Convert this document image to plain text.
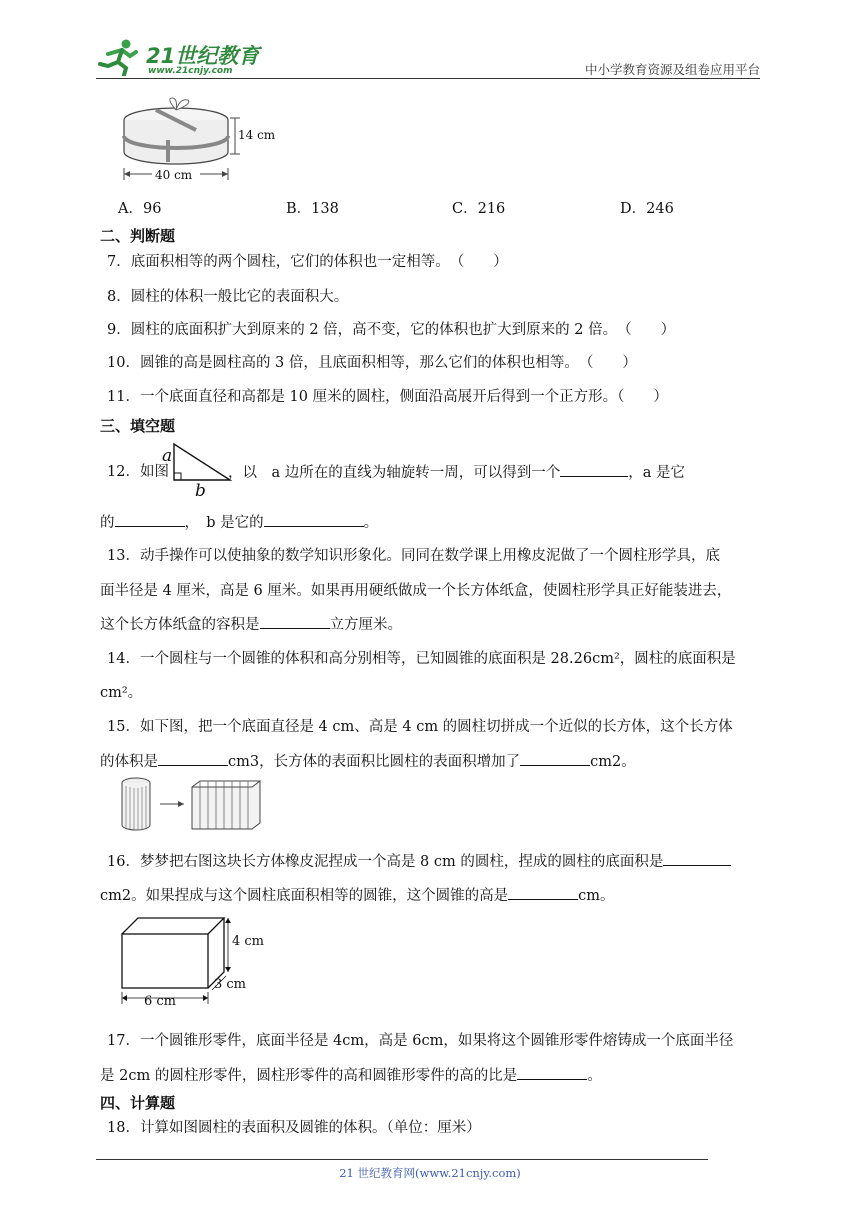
21世纪教育
www.21cnjy.com	中小学教育资源及组卷应用平台
14 cm
40 cm
A．96	B．138	C．216	D．246
二、判断题
7．底面积相等的两个圆柱，它们的体积也一定相等。　（　　）
8．圆柱的体积一般比它的表面积大。
9．圆柱的底面积扩大到原来的 2 倍，高不变，它的体积也扩大到原来的 2 倍。　（　　）
10．圆锥的高是圆柱高的 3 倍，且底面积相等，那么它们的体积也相等。　（　　）
11．一个底面直径和高都是 10 厘米的圆柱，侧面沿高展开后得到一个正方形。（　　）
三、填空题
12．如图
a
b
，以　a 边所在的直线为轴旋转一周，可以得到一个	，a 是它
的	，　b 是它的	。
13．动手操作可以使抽象的数学知识形象化。同同在数学课上用橡皮泥做了一个圆柱形学具，底
面半径是 4 厘米，高是 6 厘米。如果再用硬纸做成一个长方体纸盒，使圆柱形学具正好能装进去，
这个长方体纸盒的容积是	立方厘米。
14．一个圆柱与一个圆锥的体积和高分别相等，已知圆锥的底面积是 28.26cm²，圆柱的底面积是
cm²。
15．如下图，把一个底面直径是 4 cm、高是 4 cm 的圆柱切拼成一个近似的长方体，这个长方体
的体积是	cm3，长方体的表面积比圆柱的表面积增加了	cm2。
16．梦梦把右图这块长方体橡皮泥捏成一个高是 8 cm 的圆柱，捏成的圆柱的底面积是
cm2。如果捏成与这个圆柱底面积相等的圆锥，这个圆锥的高是	cm。
4 cm
3 cm
6 cm
17．一个圆锥形零件，底面半径是 4cm，高是 6cm，如果将这个圆锥形零件熔铸成一个底面半径
是 2cm 的圆柱形零件，圆柱形零件的高和圆锥形零件的高的比是	。
四、计算题
18．计算如图圆柱的表面积及圆锥的体积。（单位：厘米）
21 世纪教育网(www.21cnjy.com)
